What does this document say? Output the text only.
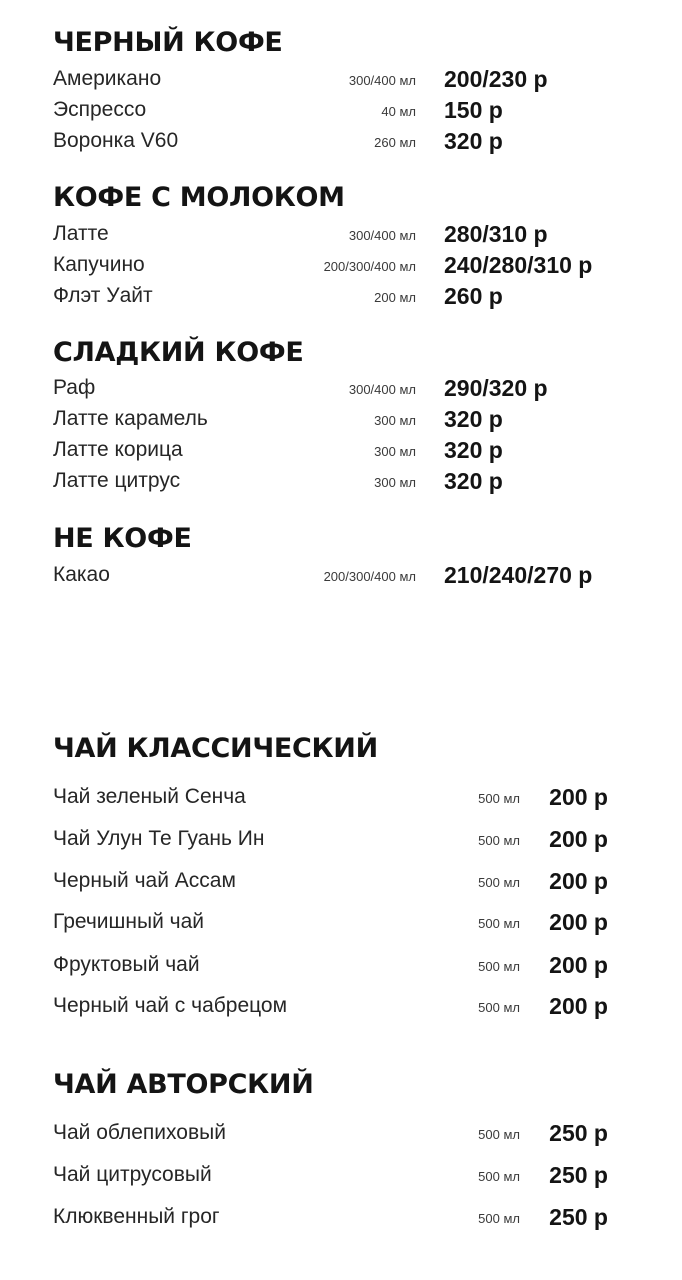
ЧЕРНЫЙ КОФЕ
Американо	300/400 мл 200/230 р
Эспрессо	40 мл 150 р
Воронка V60	260 мл 320 р
КОФЕ С МОЛОКОМ
Латте	300/400 мл 280/310 р
Капучино	200/300/400 мл 240/280/310 р
Флэт Уайт	200 мл 260 р
СЛАДКИЙ КОФЕ
Раф	300/400 мл 290/320 р
Латте карамель	300 мл 320 р
Латте корица	300 мл 320 р
Латте цитрус	300 мл 320 р
НЕ КОФЕ
Какао	200/300/400 мл 210/240/270 р
ЧАЙ КЛАССИЧЕСКИЙ
Чай зеленый Сенча	500 мл 200 р
Чай Улун Те Гуань Ин	500 мл 200 р
Черный чай Ассам	500 мл 200 р
Гречишный чай	500 мл 200 р
Фруктовый чай	500 мл 200 р
Черный чай с чабрецом	500 мл 200 р
ЧАЙ АВТОРСКИЙ
Чай облепиховый	500 мл 250 р
Чай цитрусовый	500 мл 250 р
Клюквенный грог	500 мл 250 р
